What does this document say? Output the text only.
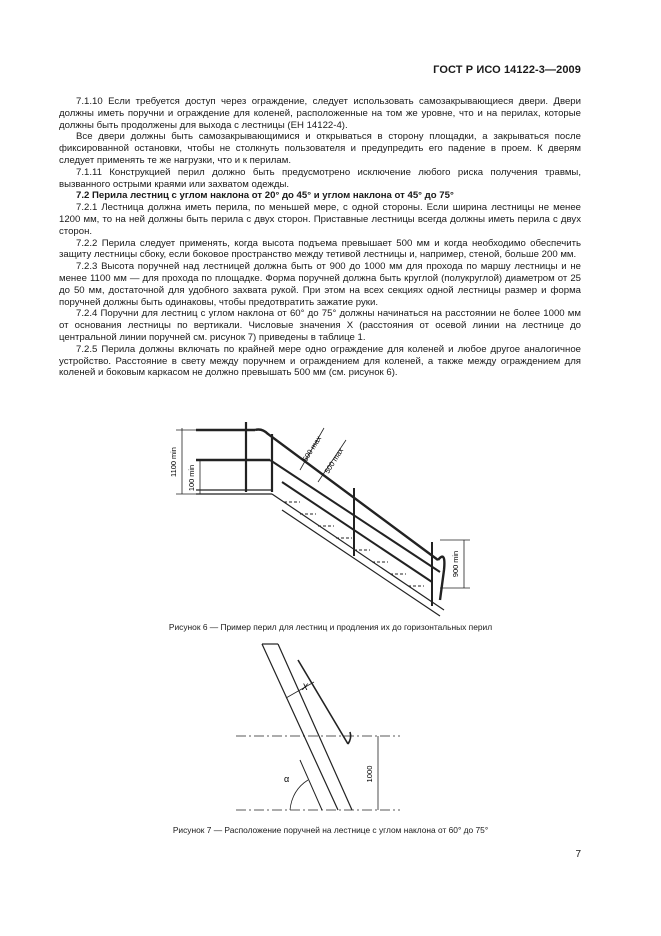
ГОСТ Р ИСО 14122-3—2009

7.1.10 Если требуется доступ через ограждение, следует использовать самозакрывающиеся двери. Двери должны иметь поручни и ограждение для коленей, расположенные на том же уровне, что и на перилах, которые должны быть продолжены для выхода с лестницы (ЕН 14122-4).

Все двери должны быть самозакрывающимися и открываться в сторону площадки, а закрываться после фиксированной остановки, чтобы не столкнуть пользователя и предупредить его падение в проем. К дверям следует применять те же нагрузки, что и к перилам.

7.1.11 Конструкцией перил должно быть предусмотрено исключение любого риска получения травмы, вызванного острыми краями или захватом одежды.

7.2 Перила лестниц с углом наклона от 20° до 45° и углом наклона от 45° до 75°

7.2.1 Лестница должна иметь перила, по меньшей мере, с одной стороны. Если ширина лестницы не менее 1200 мм, то на ней должны быть перила с двух сторон. Приставные лестницы всегда должны иметь перила с двух сторон.

7.2.2 Перила следует применять, когда высота подъема превышает 500 мм и когда необходимо обеспечить защиту лестницы сбоку, если боковое пространство между тетивой лестницы и, например, стеной, больше 200 мм.

7.2.3 Высота поручней над лестницей должна быть от 900 до 1000 мм для прохода по маршу лестницы и не менее 1100 мм — для прохода по площадке. Форма поручней должна быть круглой (полукруглой) диаметром от 25 до 50 мм, достаточной для удобного захвата рукой. При этом на всех секциях одной лестницы размер и форма поручней должны быть одинаковы, чтобы предотвратить зажатие руки.

7.2.4 Поручни для лестниц с углом наклона от 60° до 75° должны начинаться на расстоянии не более 1000 мм от основания лестницы по вертикали. Числовые значения X (расстояния от осевой линии на лестнице до центральной линии поручней см. рисунок 7) приведены в таблице 1.

7.2.5 Перила должны включать по крайней мере одно ограждение для коленей и любое другое аналогичное устройство. Расстояние в свету между поручнем и ограждением для коленей, а также между ограждением для коленей и боковым каркасом не должно превышать 500 мм (см. рисунок 6).

1100 min
100 min
500 max 500 max
900 min
Рисунок 6 — Пример перил для лестниц и продления их до горизонтальных перил
X
α	1000
Рисунок 7 — Расположение поручней на лестнице с углом наклона от 60° до 75°
7
